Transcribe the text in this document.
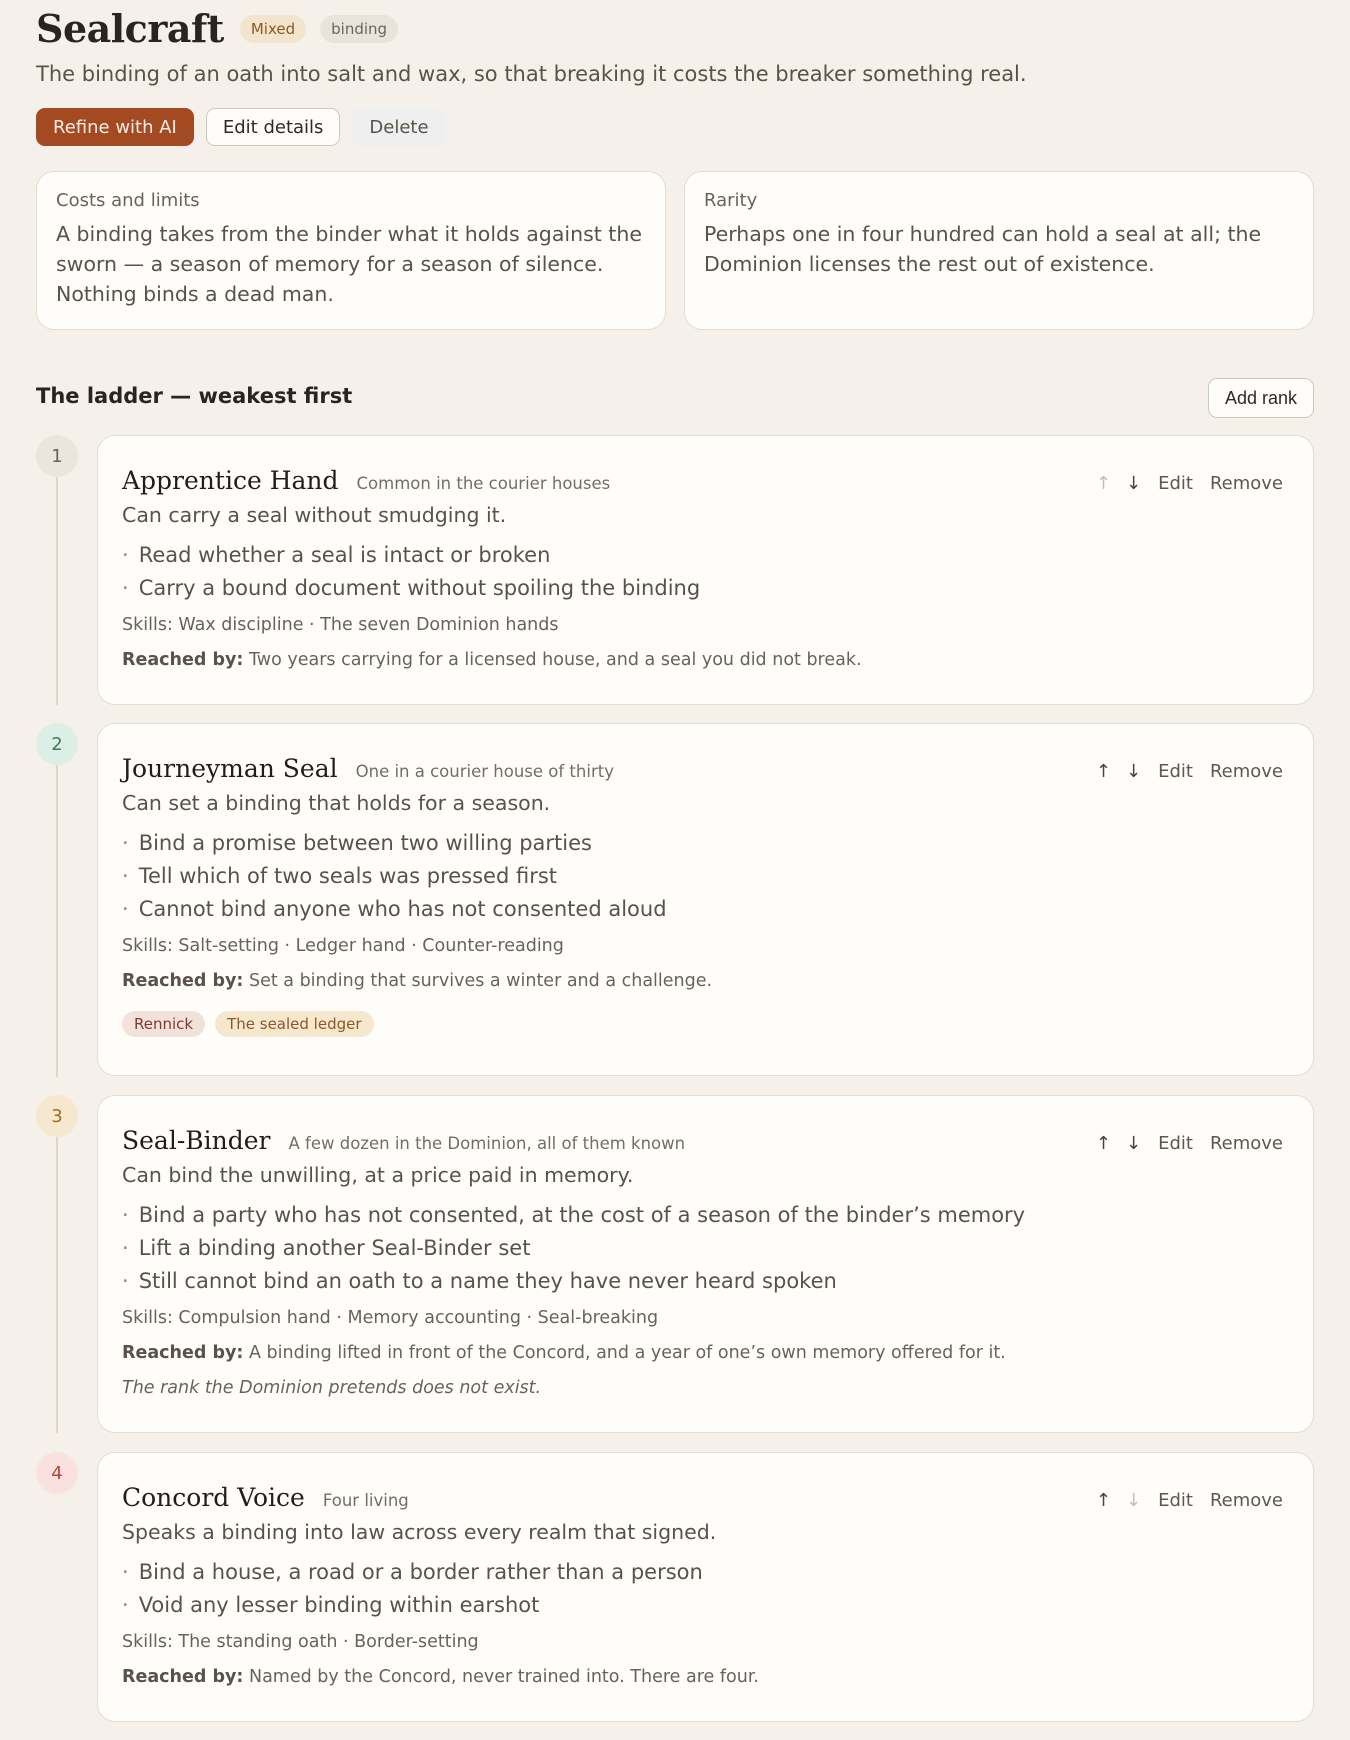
Sealcraft	Mixed	binding

The binding of an oath into salt and wax, so that breaking it costs the breaker something real.

Refine with AI	Edit details	Delete
Costs and limits
A binding takes from the binder what it holds against the sworn — a season of memory for a season of silence. Nothing binds a dead man.
Rarity
Perhaps one in four hundred can hold a seal at all; the Dominion licenses the rest out of existence.
The ladder — weakest first	Add rank
1
Apprentice Hand Common in the courier houses	↑ ↓ Edit Remove
Can carry a seal without smudging it.
· Read whether a seal is intact or broken
· Carry a bound document without spoiling the binding
Skills: Wax discipline · The seven Dominion hands
Reached by: Two years carrying for a licensed house, and a seal you did not break.
2
Journeyman Seal One in a courier house of thirty	↑ ↓ Edit Remove
Can set a binding that holds for a season.
· Bind a promise between two willing parties
· Tell which of two seals was pressed first
· Cannot bind anyone who has not consented aloud
Skills: Salt-setting · Ledger hand · Counter-reading
Reached by: Set a binding that survives a winter and a challenge.
Rennick	The sealed ledger
3
Seal-Binder A few dozen in the Dominion, all of them known	↑ ↓ Edit Remove
Can bind the unwilling, at a price paid in memory.
· Bind a party who has not consented, at the cost of a season of the binder’s memory
· Lift a binding another Seal-Binder set
· Still cannot bind an oath to a name they have never heard spoken
Skills: Compulsion hand · Memory accounting · Seal-breaking
Reached by: A binding lifted in front of the Concord, and a year of one’s own memory offered for it.
The rank the Dominion pretends does not exist.
4
Concord Voice Four living	↑ ↓ Edit Remove
Speaks a binding into law across every realm that signed.
· Bind a house, a road or a border rather than a person
· Void any lesser binding within earshot
Skills: The standing oath · Border-setting
Reached by: Named by the Concord, never trained into. There are four.
